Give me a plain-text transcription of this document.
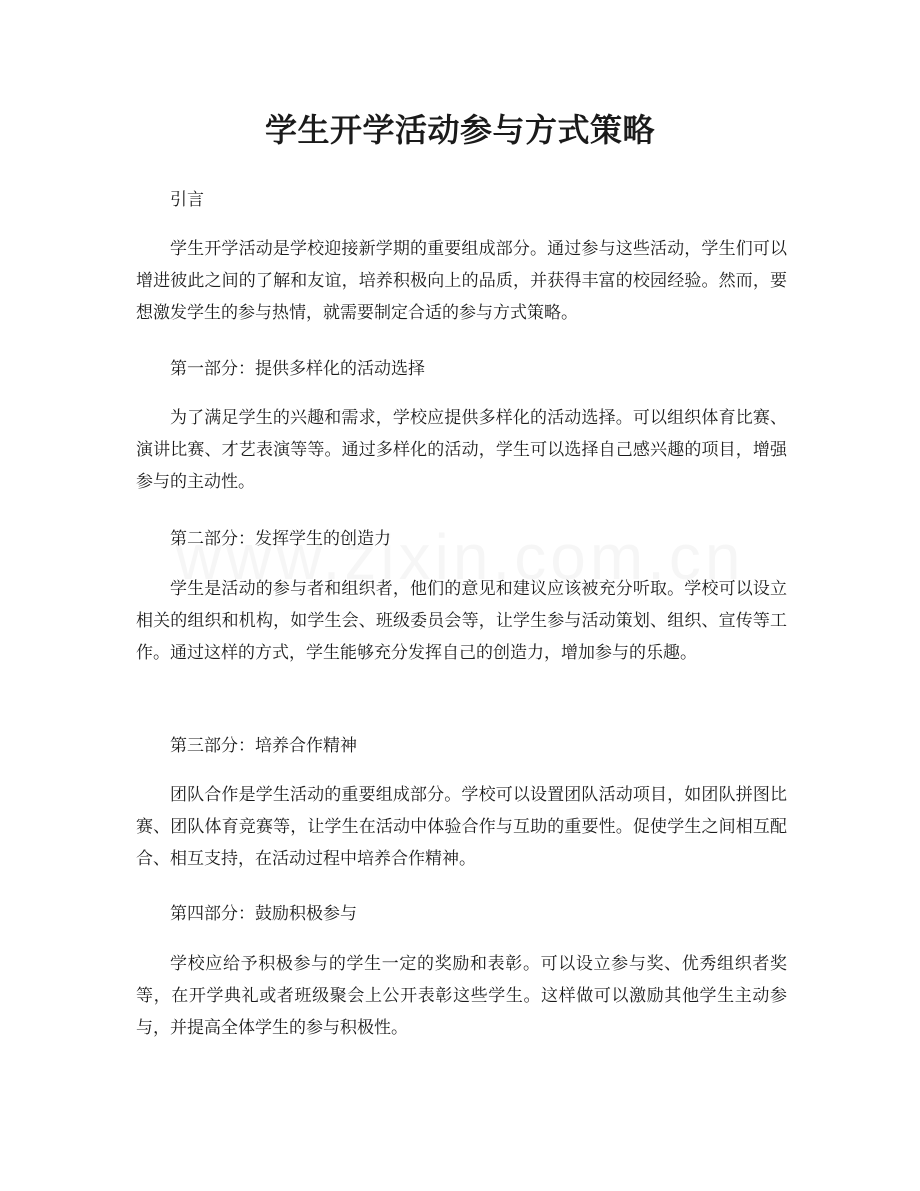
学生开学活动参与方式策略

引言

学生开学活动是学校迎接新学期的重要组成部分。通过参与这些活动，学生们可以增进彼此之间的了解和友谊，培养积极向上的品质，并获得丰富的校园经验。然而，要想激发学生的参与热情，就需要制定合适的参与方式策略。

第一部分：提供多样化的活动选择

为了满足学生的兴趣和需求，学校应提供多样化的活动选择。可以组织体育比赛、演讲比赛、才艺表演等等。通过多样化的活动，学生可以选择自己感兴趣的项目，增强参与的主动性。

第二部分：发挥学生的创造力

学生是活动的参与者和组织者，他们的意见和建议应该被充分听取。学校可以设立相关的组织和机构，如学生会、班级委员会等，让学生参与活动策划、组织、宣传等工作。通过这样的方式，学生能够充分发挥自己的创造力，增加参与的乐趣。

第三部分：培养合作精神

团队合作是学生活动的重要组成部分。学校可以设置团队活动项目，如团队拼图比赛、团队体育竞赛等，让学生在活动中体验合作与互助的重要性。促使学生之间相互配合、相互支持，在活动过程中培养合作精神。

第四部分：鼓励积极参与

学校应给予积极参与的学生一定的奖励和表彰。可以设立参与奖、优秀组织者奖等，在开学典礼或者班级聚会上公开表彰这些学生。这样做可以激励其他学生主动参与，并提高全体学生的参与积极性。
